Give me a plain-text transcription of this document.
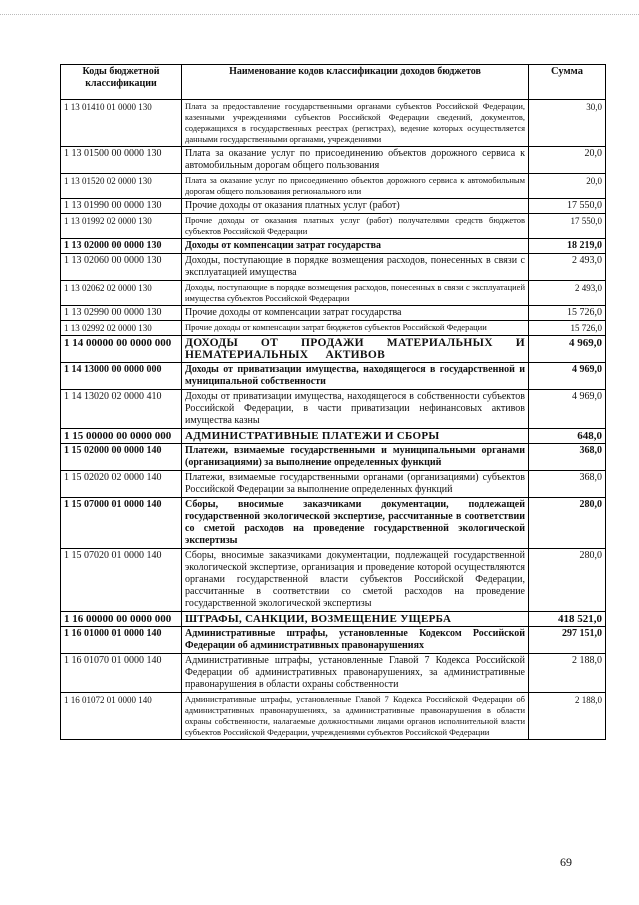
Коды бюджетной классификации	Наименование кодов классификации доходов бюджетов	Сумма
1 13 01410 01 0000 130	Плата за предоставление государственными органами субъектов Российской Федерации, казенными учреждениями субъектов Российской Федерации сведений, документов, содержащихся в государственных реестрах (регистрах), ведение которых осуществляется данными государственными органами, учреждениями	30,0
1 13 01500 00 0000 130	Плата за оказание услуг по присоединению объектов дорожного сервиса к автомобильным дорогам общего пользования	20,0
1 13 01520 02 0000 130	Плата за оказание услуг по присоединению объектов дорожного сервиса к автомобильным дорогам общего пользования регионального или	20,0
1 13 01990 00 0000 130	Прочие доходы от оказания платных услуг (работ)	17 550,0
1 13 01992 02 0000 130	Прочие доходы от оказания платных услуг (работ) получателями средств бюджетов субъектов Российской Федерации	17 550,0
1 13 02000 00 0000 130	Доходы от компенсации затрат государства	18 219,0
1 13 02060 00 0000 130	Доходы, поступающие в порядке возмещения расходов, понесенных в связи с эксплуатацией имущества	2 493,0
1 13 02062 02 0000 130	Доходы, поступающие в порядке возмещения расходов, понесенных в связи с эксплуатацией имущества субъектов Российской Федерации	2 493,0
1 13 02990 00 0000 130	Прочие доходы от компенсации затрат государства	15 726,0
1 13 02992 02 0000 130	Прочие доходы от компенсации затрат бюджетов субъектов Российской Федерации	15 726,0
1 14 00000 00 0000 000	ДОХОДЫ ОТ ПРОДАЖИ МАТЕРИАЛЬНЫХ И НЕМАТЕРИАЛЬНЫХ АКТИВОВ	4 969,0
1 14 13000 00 0000 000	Доходы от приватизации имущества, находящегося в государственной и муниципальной собственности	4 969,0
1 14 13020 02 0000 410	Доходы от приватизации имущества, находящегося в собственности субъектов Российской Федерации, в части приватизации нефинансовых активов имущества казны	4 969,0
1 15 00000 00 0000 000	АДМИНИСТРАТИВНЫЕ ПЛАТЕЖИ И СБОРЫ	648,0
1 15 02000 00 0000 140	Платежи, взимаемые государственными и муниципальными органами (организациями) за выполнение определенных функций	368,0
1 15 02020 02 0000 140	Платежи, взимаемые государственными органами (организациями) субъектов Российской Федерации за выполнение определенных функций	368,0
1 15 07000 01 0000 140	Сборы, вносимые заказчиками документации, подлежащей государственной экологической экспертизе, рассчитанные в соответствии со сметой расходов на проведение государственной экологической экспертизы	280,0
1 15 07020 01 0000 140	Сборы, вносимые заказчиками документации, подлежащей государственной экологической экспертизе, организация и проведение которой осуществляются органами государственной власти субъектов Российской Федерации, рассчитанные в соответствии со сметой расходов на проведение государственной экологической экспертизы	280,0
1 16 00000 00 0000 000	ШТРАФЫ, САНКЦИИ, ВОЗМЕЩЕНИЕ УЩЕРБА	418 521,0
1 16 01000 01 0000 140	Административные штрафы, установленные Кодексом Российской Федерации об административных правонарушениях	297 151,0
1 16 01070 01 0000 140	Административные штрафы, установленные Главой 7 Кодекса Российской Федерации об административных правонарушениях, за административные правонарушения в области охраны собственности	2 188,0
1 16 01072 01 0000 140	Административные штрафы, установленные Главой 7 Кодекса Российской Федерации об административных правонарушениях, за административные правонарушения в области охраны собственности, налагаемые должностными лицами органов исполнительной власти субъектов Российской Федерации, учреждениями субъектов Российской Федерации	2 188,0
69
